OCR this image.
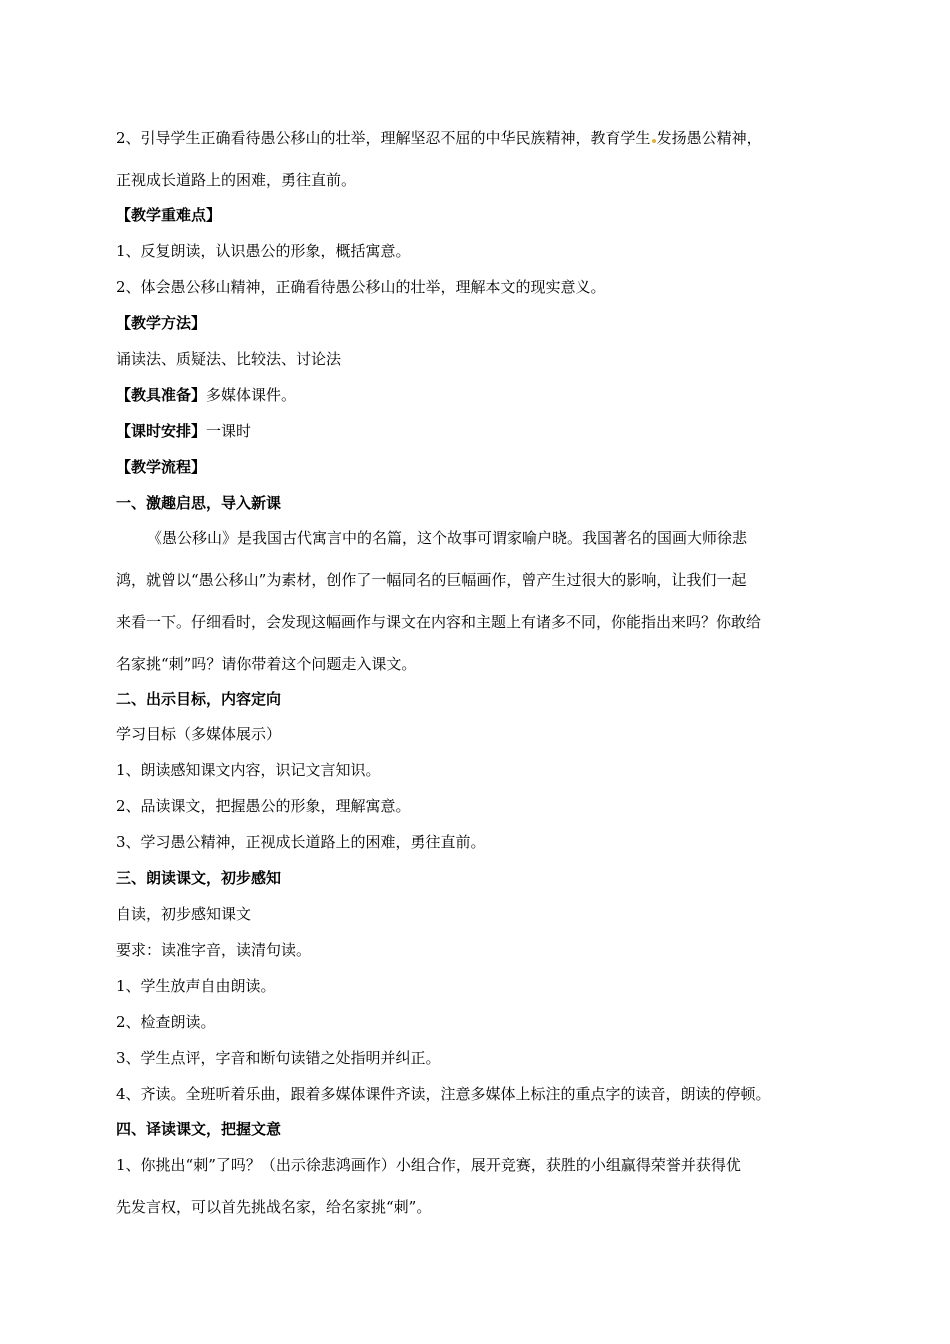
2、引导学生正确看待愚公移山的壮举，理解坚忍不屈的中华民族精神，教育学生 发扬愚公精神，
正视成长道路上的困难，勇往直前。
【教学重难点】
1、反复朗读，认识愚公的形象，概括寓意。
2、体会愚公移山精神，正确看待愚公移山的壮举，理解本文的现实意义。
【教学方法】
诵读法、质疑法、比较法、讨论法
【教具准备】多媒体课件。
【课时安排】一课时
【教学流程】
一、激趣启思，导入新课
《愚公移山》是我国古代寓言中的名篇，这个故事可谓家喻户晓。我国著名的国画大师徐悲
鸿，就曾以“愚公移山”为素材，创作了一幅同名的巨幅画作，曾产生过很大的影响，让我们一起
来看一下。仔细看时，会发现这幅画作与课文在内容和主题上有诸多不同，你能指出来吗？你敢给
名家挑“刺”吗？请你带着这个问题走入课文。
二、出示目标，内容定向
学习目标（多媒体展示）
1、朗读感知课文内容，识记文言知识。
2、品读课文，把握愚公的形象，理解寓意。
3、学习愚公精神，正视成长道路上的困难，勇往直前。
三、朗读课文，初步感知
自读，初步感知课文
要求：读准字音，读清句读。
1、学生放声自由朗读。
2、检查朗读。
3、学生点评，字音和断句读错之处指明并纠正。
4、齐读。全班听着乐曲，跟着多媒体课件齐读，注意多媒体上标注的重点字的读音，朗读的停顿。
四、译读课文，把握文意
1、你挑出“刺”了吗？（出示徐悲鸿画作）小组合作，展开竞赛，获胜的小组赢得荣誉并获得优
先发言权，可以首先挑战名家，给名家挑“刺”。
